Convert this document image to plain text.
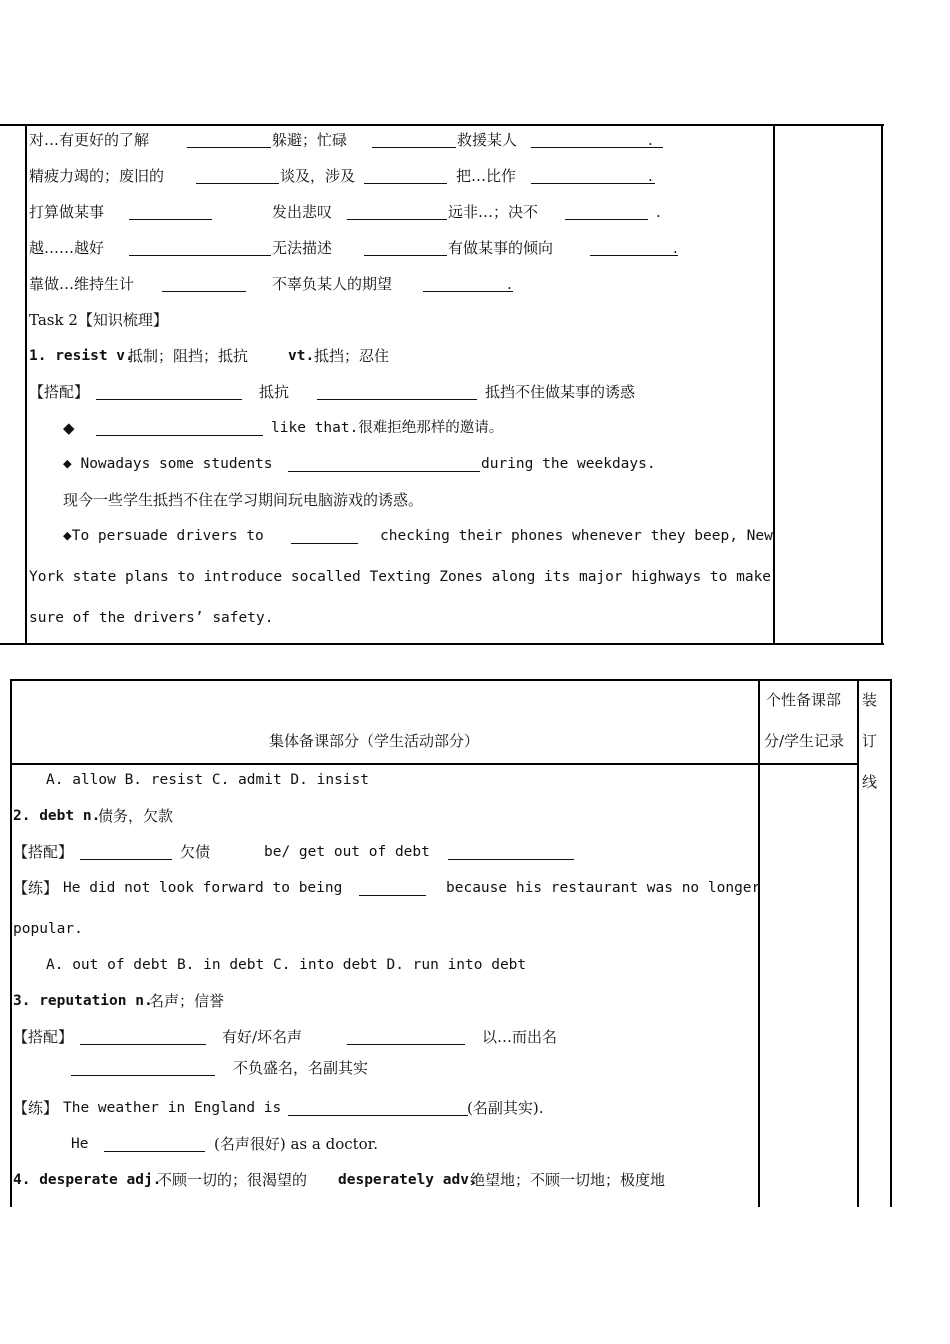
对…有更好的了解	躲避；忙碌	救援某人	.
精疲力竭的；废旧的	谈及，涉及	把…比作	.
打算做某事	发出悲叹	远非…；决不	.
越……越好	无法描述	有做某事的倾向	.
靠做…维持生计	不辜负某人的期望	.
Task 2【知识梳理】
1. resist v.
抵制；阻挡；抵抗	vt. 抵挡；忍住
【搭配】	抵抗	抵挡不住做某事的诱惑
◆	like that.很难拒绝那样的邀请。
◆ Nowadays some students	during the weekdays.
现今一些学生抵挡不住在学习期间玩电脑游戏的诱惑。
◆To persuade drivers to	checking their phones whenever they beep, New
York state plans to introduce socalled Texting Zones along its major highways to make
sure of the drivers’ safety.
集体备课部分（学生活动部分）
个性备课部
分/学生记录
装
订
线
A. allow B. resist C. admit D. insist
2. debt n.
债务，欠款
【搭配】	欠债	be/ get out of debt
【练】 He did not look forward to being	because his restaurant was no longer
popular.
A. out of debt B. in debt C. into debt D. run into debt
3. reputation n.
名声；信誉
【搭配】	有好/坏名声	以…而出名
不负盛名，名副其实
【练】 The weather in England is	(名副其实).
He	(名声很好) as a doctor.
4. desperate adj.
不顾一切的；很渴望的 desperately adv.
绝望地；不顾一切地；极度地
